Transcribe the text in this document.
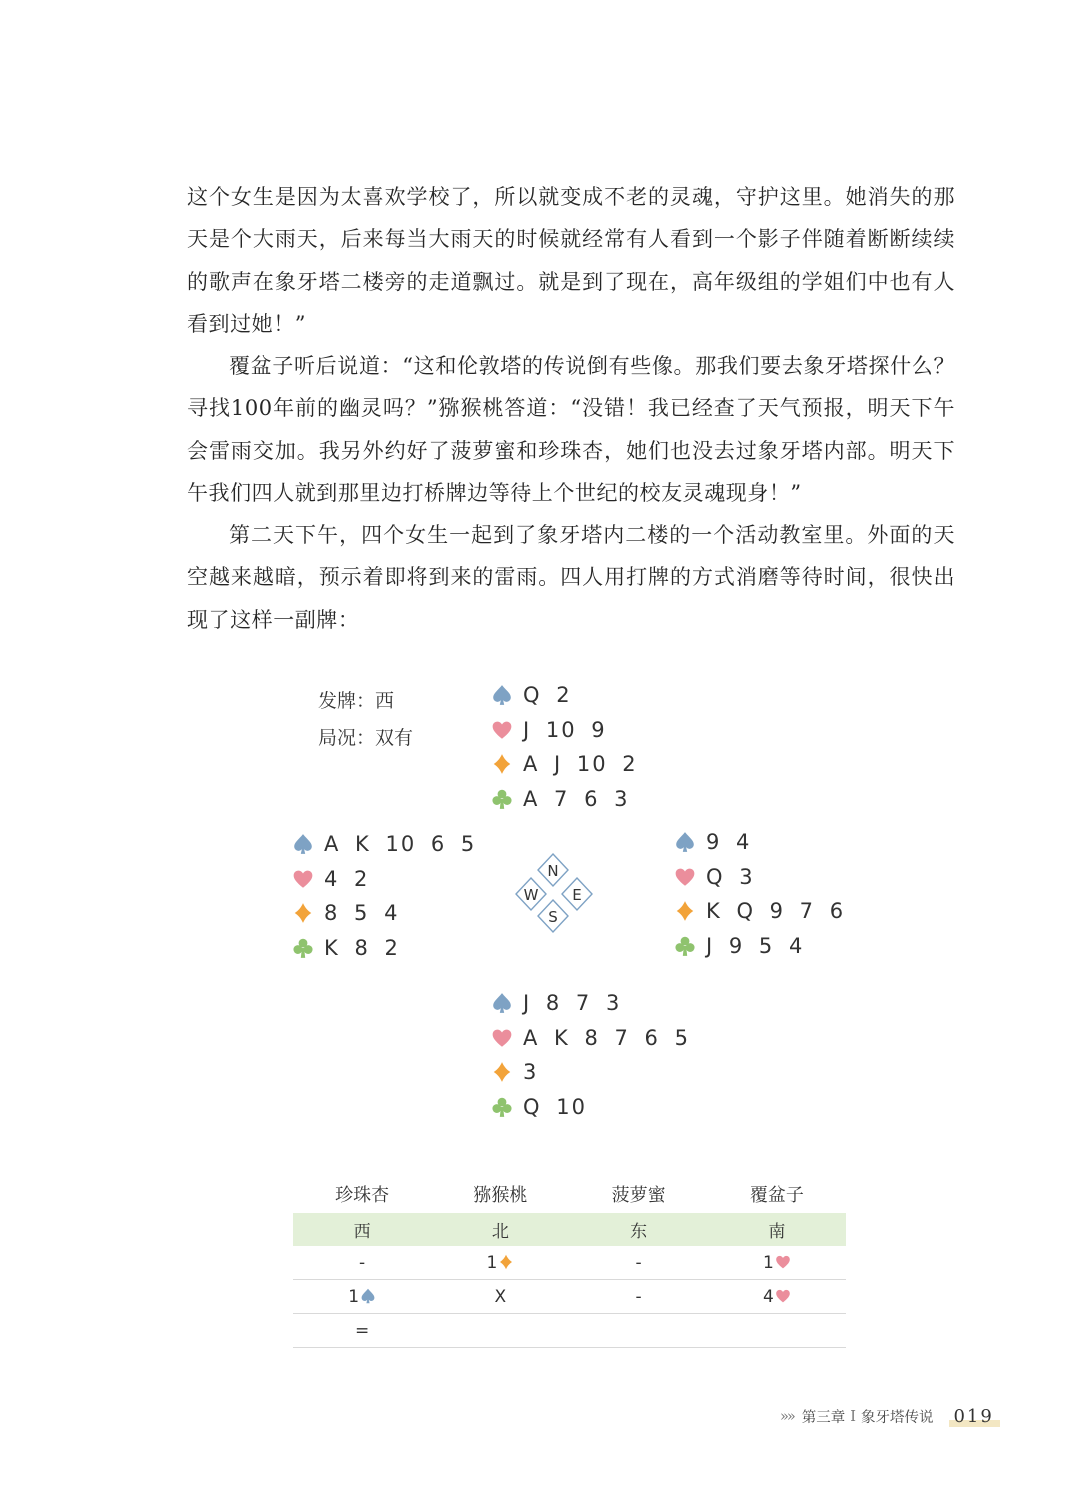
这个女生是因为太喜欢学校了，所以就变成不老的灵魂，守护这里。她消失的那天是个大雨天，后来每当大雨天的时候就经常有人看到一个影子伴随着断断续续的歌声在象牙塔二楼旁的走道飘过。就是到了现在，高年级组的学姐们中也有人看到过她！”

覆盆子听后说道：“这和伦敦塔的传说倒有些像。那我们要去象牙塔探什么？寻找100年前的幽灵吗？”猕猴桃答道：“没错！我已经查了天气预报，明天下午会雷雨交加。我另外约好了菠萝蜜和珍珠杏，她们也没去过象牙塔内部。明天下午我们四人就到那里边打桥牌边等待上个世纪的校友灵魂现身！”

第二天下午，四个女生一起到了象牙塔内二楼的一个活动教室里。外面的天空越来越暗，预示着即将到来的雷雨。四人用打牌的方式消磨等待时间，很快出现了这样一副牌：

发牌：西
局况：双有
Q 2
J 10 9
A J 10 2
A 7 6 3
A K 10 6 5
4 2
8 5 4
K 8 2
9 4
Q 3
K Q 9 7 6
J 9 5 4
J 8 7 3
A K 8 7 6 5
3
Q 10
N
W	E
S
珍珠杏	猕猴桃	菠萝蜜	覆盆子
西	北	东	南
-	1	-	1
1	X	-	4
=			
»» 第三章 I 象牙塔传说 019
